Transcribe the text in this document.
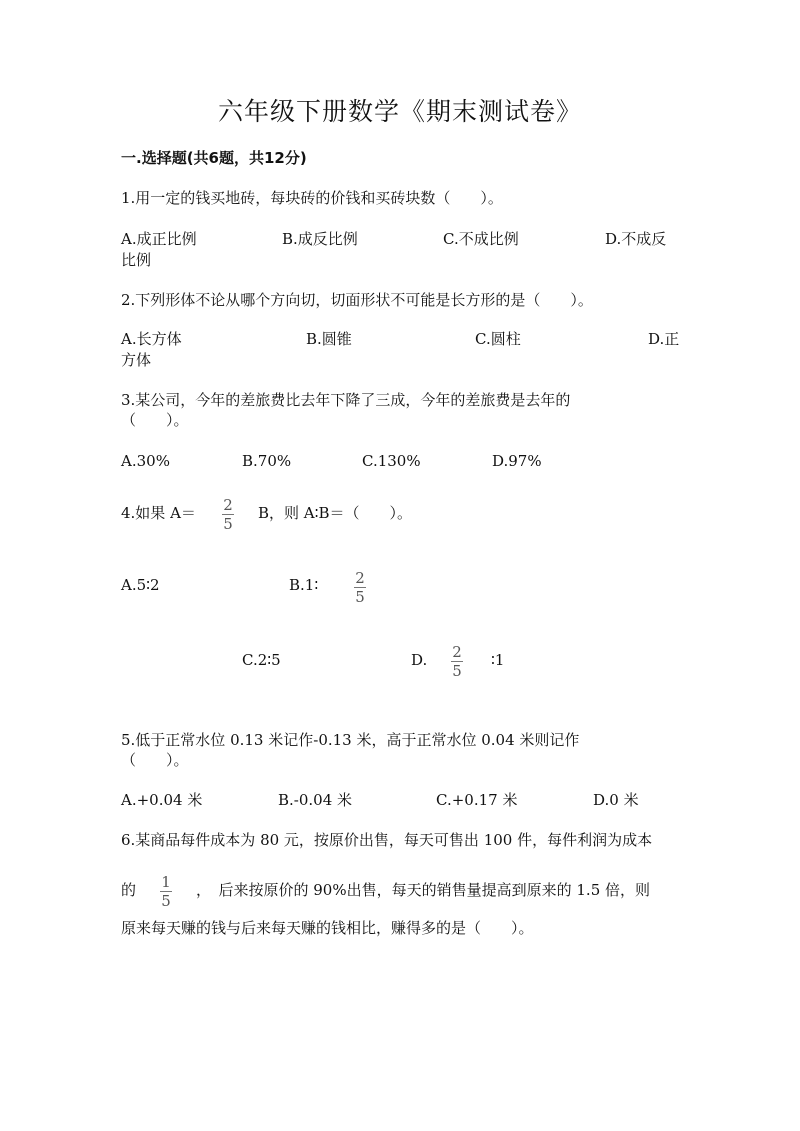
六年级下册数学《期末测试卷》
一.选择题(共6题，共12分)
1.用一定的钱买地砖，每块砖的价钱和买砖块数（　　）。
A.成正比例	B.成反比例	C.不成比例	D.不成反
比例
2.下列形体不论从哪个方向切，切面形状不可能是长方形的是（　　）。
A.长方体	B.圆锥	C.圆柱	D.正
方体
3.某公司，今年的差旅费比去年下降了三成，今年的差旅费是去年的
（　　）。
A.30%	B.70%	C.130%	D.97%
4.如果 A＝ 2
5
B，则 A∶B＝（　　）。
A.5∶2	B.1∶ 2
5
C.2∶5	D. 2
5
∶1
5.低于正常水位 0.13 米记作-0.13 米，高于正常水位 0.04 米则记作
（　　）。
A.+0.04 米	B.-0.04 米	C.+0.17 米	D.0 米
6.某商品每件成本为 80 元，按原价出售，每天可售出 100 件，每件利润为成本
的 1
5
，　后来按原价的 90%出售，每天的销售量提高到原来的 1.5 倍，则
原来每天赚的钱与后来每天赚的钱相比，赚得多的是（　　）。
